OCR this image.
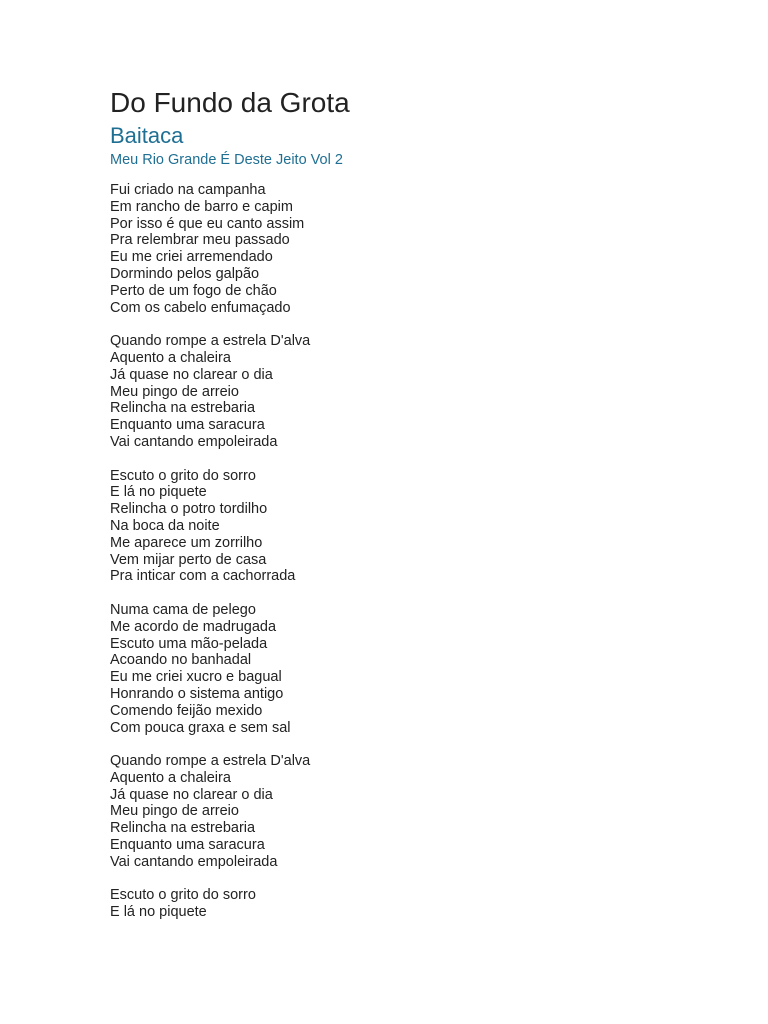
Do Fundo da Grota
Baitaca
Meu Rio Grande É Deste Jeito Vol 2
Fui criado na campanha
Em rancho de barro e capim
Por isso é que eu canto assim
Pra relembrar meu passado
Eu me criei arremendado
Dormindo pelos galpão
Perto de um fogo de chão
Com os cabelo enfumaçado
Quando rompe a estrela D'alva
Aquento a chaleira
Já quase no clarear o dia
Meu pingo de arreio
Relincha na estrebaria
Enquanto uma saracura
Vai cantando empoleirada
Escuto o grito do sorro
E lá no piquete
Relincha o potro tordilho
Na boca da noite
Me aparece um zorrilho
Vem mijar perto de casa
Pra inticar com a cachorrada
Numa cama de pelego
Me acordo de madrugada
Escuto uma mão-pelada
Acoando no banhadal
Eu me criei xucro e bagual
Honrando o sistema antigo
Comendo feijão mexido
Com pouca graxa e sem sal
Quando rompe a estrela D'alva
Aquento a chaleira
Já quase no clarear o dia
Meu pingo de arreio
Relincha na estrebaria
Enquanto uma saracura
Vai cantando empoleirada
Escuto o grito do sorro
E lá no piquete
